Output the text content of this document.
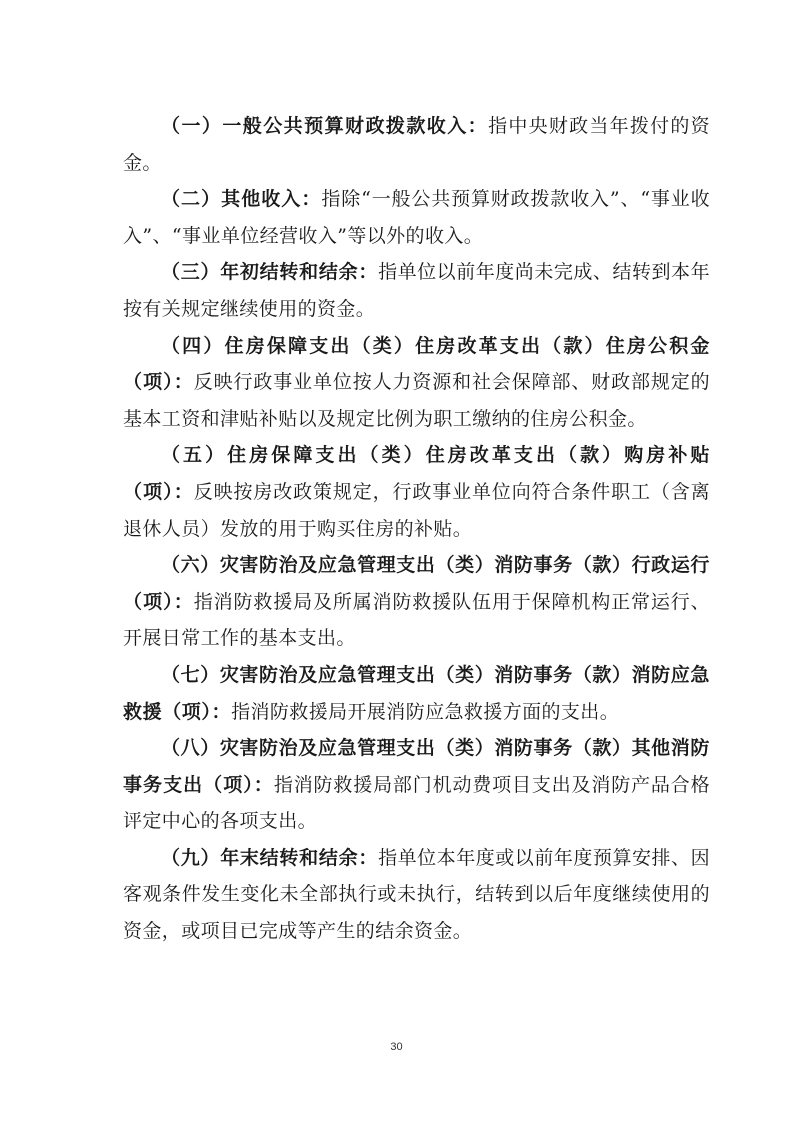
（一）一般公共预算财政拨款收入：指中央财政当年拨付的资金。

（二）其他收入：指除“一般公共预算财政拨款收入”、“事业收入”、“事业单位经营收入”等以外的收入。

（三）年初结转和结余：指单位以前年度尚未完成、结转到本年按有关规定继续使用的资金。

（四）住房保障支出（类）住房改革支出（款）住房公积金（项）：反映行政事业单位按人力资源和社会保障部、财政部规定的基本工资和津贴补贴以及规定比例为职工缴纳的住房公积金。

（五）住房保障支出（类）住房改革支出（款）购房补贴（项）：反映按房改政策规定，行政事业单位向符合条件职工（含离退休人员）发放的用于购买住房的补贴。

（六）灾害防治及应急管理支出（类）消防事务（款）行政运行（项）：指消防救援局及所属消防救援队伍用于保障机构正常运行、开展日常工作的基本支出。

（七）灾害防治及应急管理支出（类）消防事务（款）消防应急救援（项）：指消防救援局开展消防应急救援方面的支出。

（八）灾害防治及应急管理支出（类）消防事务（款）其他消防事务支出（项）：指消防救援局部门机动费项目支出及消防产品合格评定中心的各项支出。

（九）年末结转和结余：指单位本年度或以前年度预算安排、因客观条件发生变化未全部执行或未执行，结转到以后年度继续使用的资金，或项目已完成等产生的结余资金。

30
